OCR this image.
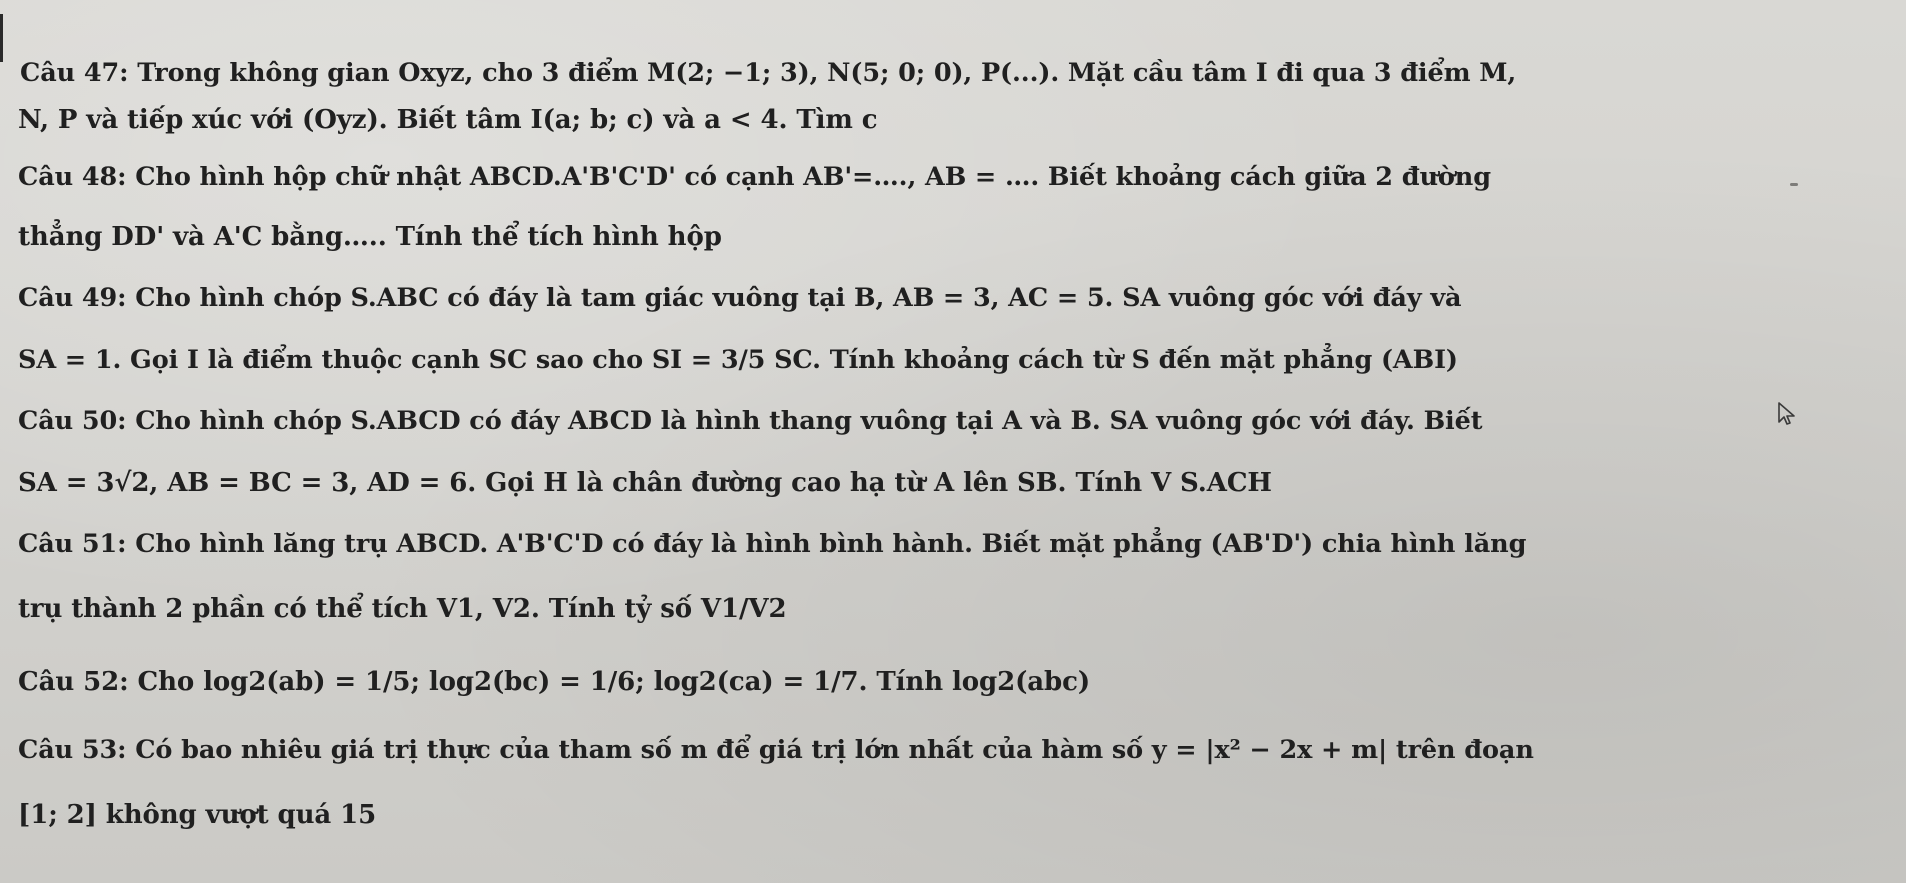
Câu 47: Trong không gian Oxyz, cho 3 điểm M(2; −1; 3), N(5; 0; 0), P(...). Mặt cầu tâm I đi qua 3 điểm M,

N, P và tiếp xúc với (Oyz). Biết tâm I(a; b; c) và a < 4. Tìm c

Câu 48: Cho hình hộp chữ nhật ABCD.A'B'C'D' có cạnh AB'=…., AB = …. Biết khoảng cách giữa 2 đường

thẳng DD' và A'C bằng….. Tính thể tích hình hộp

Câu 49: Cho hình chóp S.ABC có đáy là tam giác vuông tại B, AB = 3, AC = 5. SA vuông góc với đáy và

SA = 1. Gọi I là điểm thuộc cạnh SC sao cho SI = 3/5 SC. Tính khoảng cách từ S đến mặt phẳng (ABI)

Câu 50: Cho hình chóp S.ABCD có đáy ABCD là hình thang vuông tại A và B. SA vuông góc với đáy. Biết

SA = 3√2, AB = BC = 3, AD = 6. Gọi H là chân đường cao hạ từ A lên SB. Tính V S.ACH

Câu 51: Cho hình lăng trụ ABCD. A'B'C'D có đáy là hình bình hành. Biết mặt phẳng (AB'D') chia hình lăng

trụ thành 2 phần có thể tích V1, V2. Tính tỷ số V1/V2

Câu 52: Cho log2(ab) = 1/5; log2(bc) = 1/6; log2(ca) = 1/7. Tính log2(abc)

Câu 53: Có bao nhiêu giá trị thực của tham số m để giá trị lớn nhất của hàm số y = |x² − 2x + m| trên đoạn

[1; 2] không vượt quá 15
